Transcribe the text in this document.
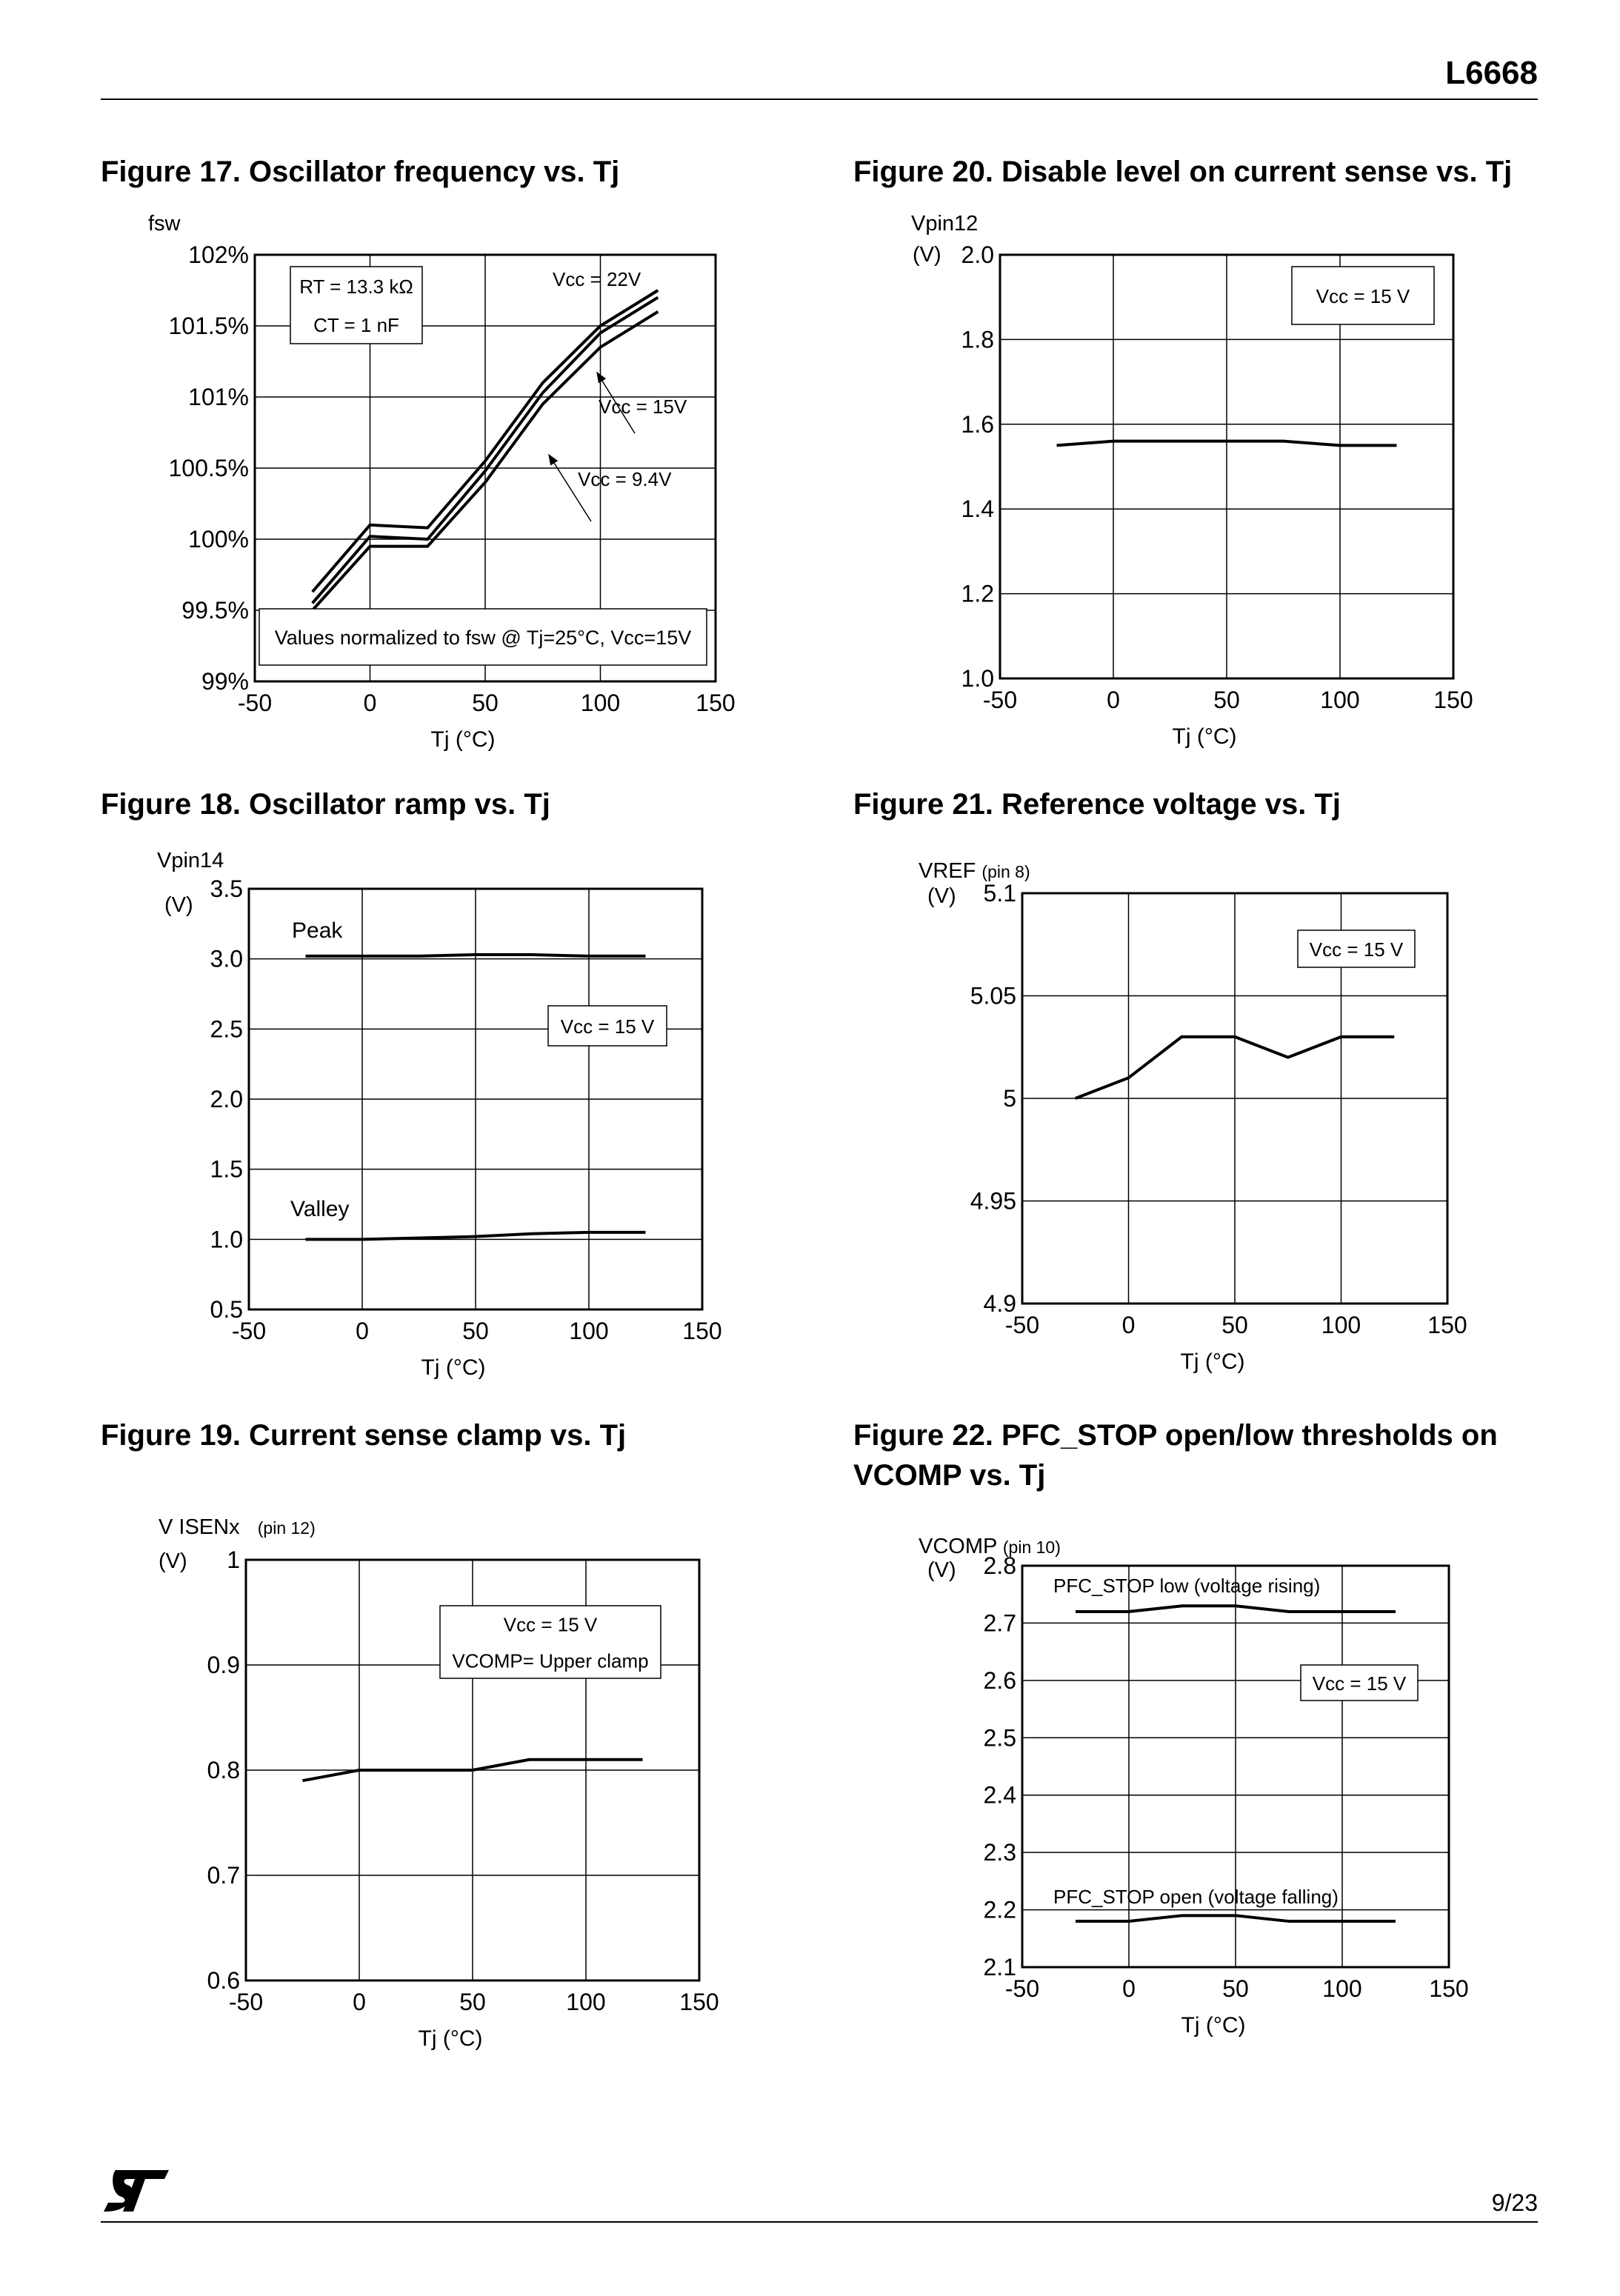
L6668
Figure 17. Oscillator frequency vs. Tj	Figure 20. Disable level on current sense vs. Tj
Figure 18. Oscillator ramp vs. Tj	Figure 21. Reference voltage vs. Tj
Figure 19. Current sense clamp vs. Tj	Figure 22. PFC_STOP open/low thresholds on
VCOMP vs. Tj
fsw	Vpin12
(V)
Vpin14
(V)
VREF (pin 8)
(V)
V ISENx (pin 12)
(V)
VCOMP (pin 10)
(V)
-50	0	50	100	150
99%
99.5%
100%
100.5%
101%
101.5%
102%
Tj (°C)
-50	0	50	100	150
0.5
1.0
1.5
2.0
2.5
3.0
3.5
Tj (°C)
-50	0	50	100	150
0.6
0.7
0.8
0.9
1
Tj (°C)
-50	0	50	100	150
1.0
1.2
1.4
1.6
1.8
2.0
Tj (°C)
-50	0	50	100	150
4.9
4.95
5
5.05
5.1
Tj (°C)
-50	0	50	100	150
2.1
2.2
2.3
2.4
2.5
2.6
2.7
2.8
Tj (°C)
RT = 13.3 kΩ
CT = 1 nF
Values normalized to fsw @ Tj=25°C, Vcc=15V
Vcc = 22V
Vcc = 15V
Vcc = 9.4V
Peak
Valley
Vcc = 15 V
Vcc = 15 V
VCOMP= Upper clamp
Vcc = 15 V
Vcc = 15 V
PFC_STOP low (voltage rising)
PFC_STOP open (voltage falling)
Vcc = 15 V
9/23
